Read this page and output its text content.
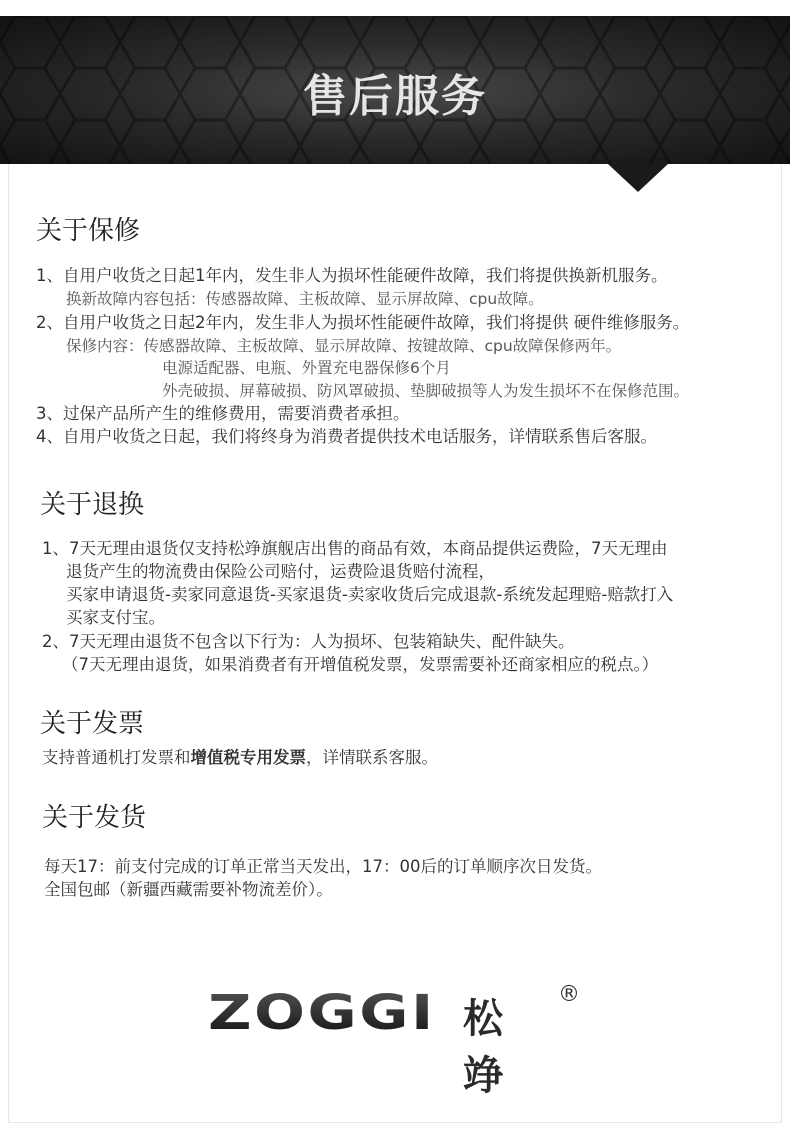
售后服务
关于保修
1、自用户收货之日起1年内，发生非人为损坏性能硬件故障，我们将提供换新机服务。
换新故障内容包括：传感器故障、主板故障、显示屏故障、cpu故障。
2、自用户收货之日起2年内，发生非人为损坏性能硬件故障，我们将提供 硬件维修服务。
保修内容：传感器故障、主板故障、显示屏故障、按键故障、cpu故障保修两年。
电源适配器、电瓶、外置充电器保修6个月
外壳破损、屏幕破损、防风罩破损、垫脚破损等人为发生损坏不在保修范围。
3、过保产品所产生的维修费用，需要消费者承担。
4、自用户收货之日起，我们将终身为消费者提供技术电话服务，详情联系售后客服。
关于退换
1、7天无理由退货仅支持松竫旗舰店出售的商品有效，本商品提供运费险，7天无理由
退货产生的物流费由保险公司赔付，运费险退货赔付流程，
买家申请退货-卖家同意退货-买家退货-卖家收货后完成退款-系统发起理赔-赔款打入
买家支付宝。
2、7天无理由退货不包含以下行为：人为损坏、包装箱缺失、配件缺失。
（7天无理由退货，如果消费者有开增值税发票，发票需要补还商家相应的税点。）
关于发票
支持普通机打发票和增值税专用发票，详情联系客服。
关于发货
每天17：前支付完成的订单正常当天发出，17：00后的订单顺序次日发货。
全国包邮（新疆西藏需要补物流差价）。
ZOGGI 松竫
®
